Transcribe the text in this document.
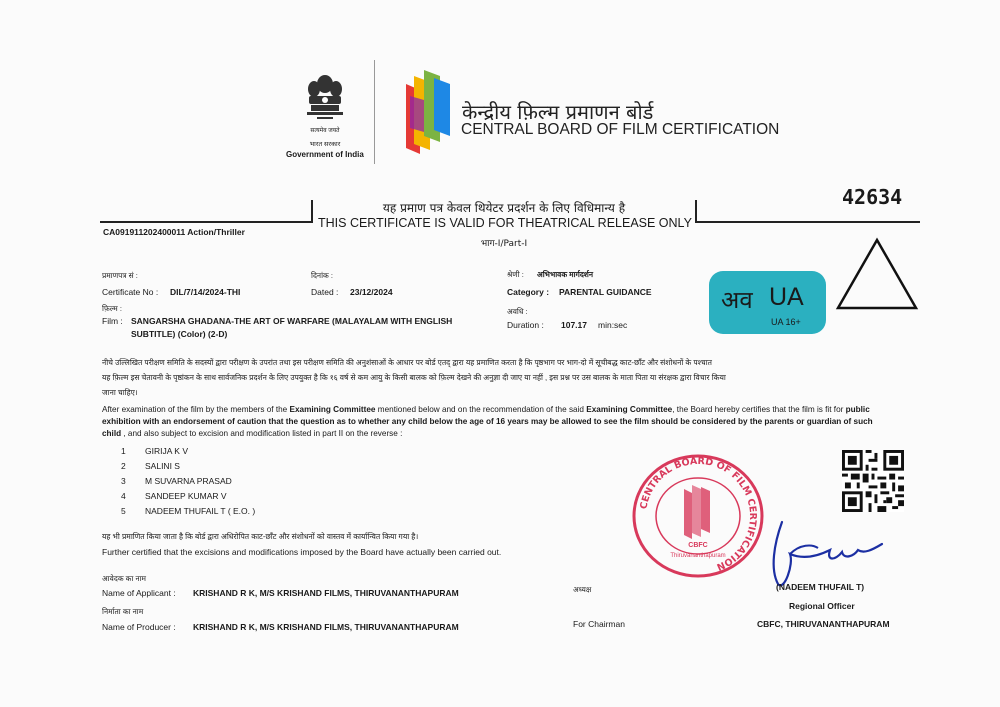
सत्यमेव जयते
भारत सरकार
Government of India
केन्द्रीय फ़िल्म प्रमाणन बोर्ड
CENTRAL BOARD OF FILM CERTIFICATION
42634
यह प्रमाण पत्र केवल थियेटर प्रदर्शन के लिए विधिमान्य है
THIS CERTIFICATE IS VALID FOR THEATRICAL RELEASE ONLY
भाग-I/Part-I
CA091911202400011 Action/Thriller
प्रमाणपत्र सं :
Certificate No : DIL/7/14/2024-THI
दिनांक :
Dated : 23/12/2024
श्रेणी : अभिभावक मार्गदर्शन
Category : PARENTAL GUIDANCE
फ़िल्म :
Film : SANGARSHA GHADANA-THE ART OF WARFARE (MALAYALAM WITH ENGLISH
SUBTITLE) (Color) (2-D)
अवधि :
Duration : 107.17 min:sec
अव UA
UA 16+
नीचे उल्लिखित परीक्षण समिति के सदस्यों द्वारा परीक्षण के उपरांत तथा इस परीक्षण समिति की अनुशंसाओं के आधार पर बोर्ड एतद् द्वारा यह प्रमाणित करता है कि पृष्ठभाग पर भाग-दो में सूचीबद्ध काट-छाँट और संशोधनों के पश्चात
यह फ़िल्म इस चेतावनी के पृष्ठांकन के साथ सार्वजनिक प्रदर्शन के लिए उपयुक्त है कि १६ वर्ष से कम आयु के किसी बालक को फ़िल्म देखने की अनुज्ञा दी जाए या नहीं , इस प्रश्न पर उस बालक के माता पिता या संरक्षक द्वारा विचार किया
जाना चाहिए।
After examination of the film by the members of the Examining Committee mentioned below and on the recommendation of the said Examining Committee, the Board hereby certifies that the film is fit for public exhibition with an endorsement of caution that the question as to whether any child below the age of 16 years may be allowed to see the film should be considered by the parents or guardian of such child , and also subject to excision and modification listed in part II on the reverse :
1 GIRIJA K V
2 SALINI S
3 M SUVARNA PRASAD
4 SANDEEP KUMAR V
5 NADEEM THUFAIL T ( E.O. )
यह भी प्रमाणित किया जाता है कि बोर्ड द्वारा अधिरोपित काट-छाँट और संशोधनों को वास्तव में कार्यान्वित किया गया है।
Further certified that the excisions and modifications imposed by the Board have actually been carried out.
आवेदक का नाम
Name of Applicant : KRISHAND R K, M/S KRISHAND FILMS, THIRUVANANTHAPURAM
निर्माता का नाम
Name of Producer : KRISHAND R K, M/S KRISHAND FILMS, THIRUVANANTHAPURAM
अध्यक्ष
For Chairman
CENTRAL BOARD OF FILM CERTIFICATION
CBFC
Thiruvananthapuram
(NADEEM THUFAIL T)
Regional Officer
CBFC, THIRUVANANTHAPURAM
